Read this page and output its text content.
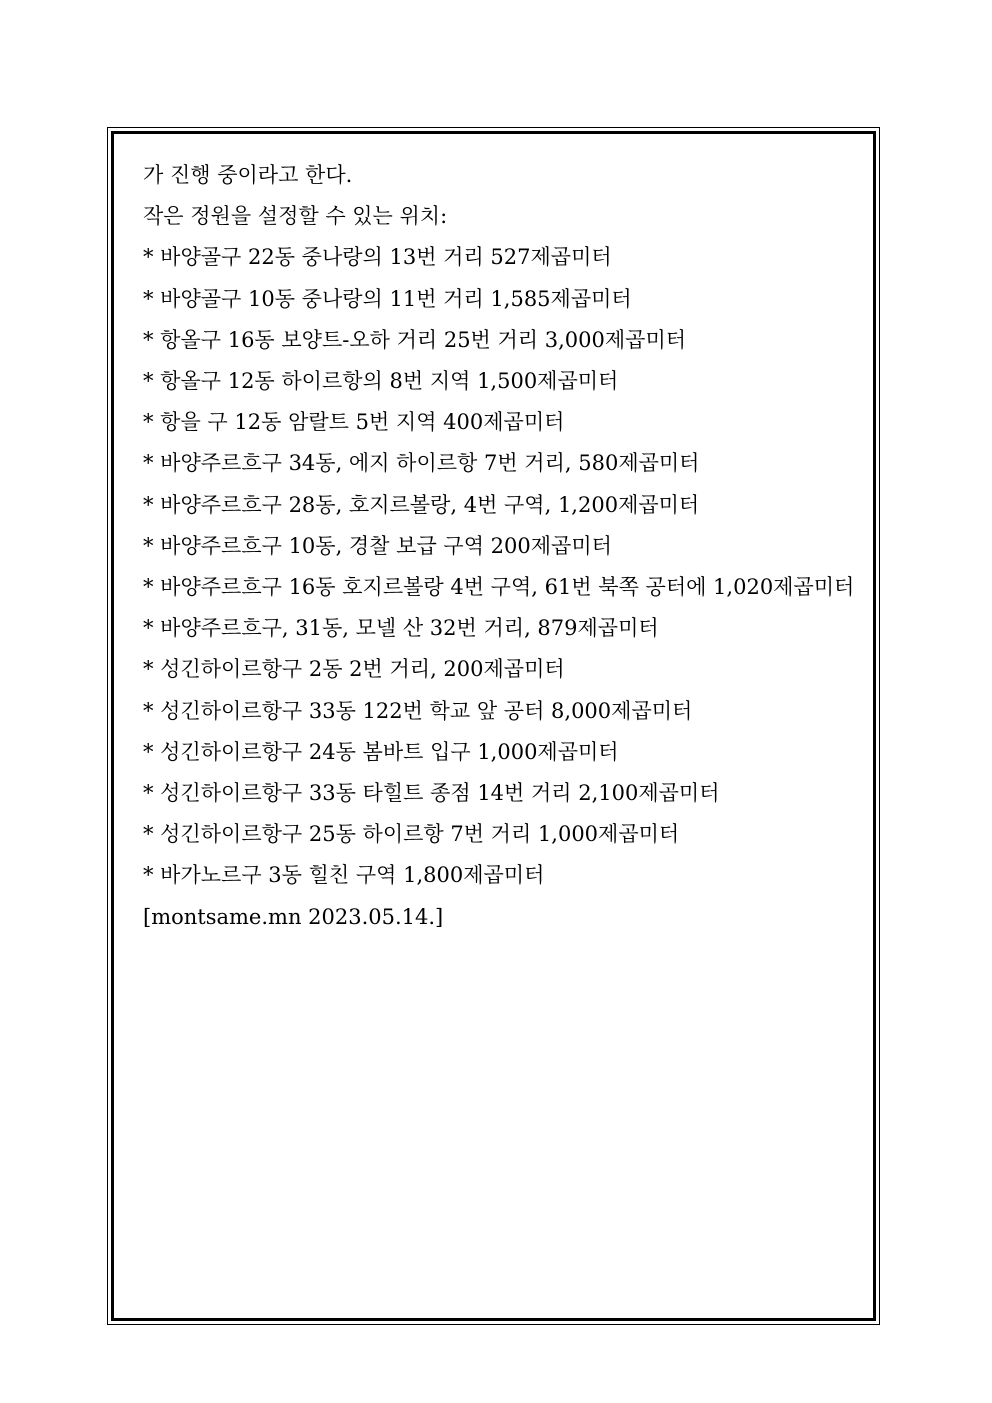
가 진행 중이라고 한다.

작은 정원을 설정할 수 있는 위치:

* 바양골구 22동 중나랑의 13번 거리 527제곱미터
* 바양골구 10동 중나랑의 11번 거리 1,585제곱미터
* 항올구 16동 보양트-오하 거리 25번 거리 3,000제곱미터
* 항올구 12동 하이르항의 8번 지역 1,500제곱미터
* 항을 구 12동 암랄트 5번 지역 400제곱미터
* 바양주르흐구 34동, 에지 하이르항 7번 거리, 580제곱미터
* 바양주르흐구 28동, 호지르볼랑, 4번 구역, 1,200제곱미터
* 바양주르흐구 10동, 경찰 보급 구역 200제곱미터
* 바양주르흐구 16동 호지르볼랑 4번 구역, 61번 북쪽 공터에 1,020제곱미터
* 바양주르흐구, 31동, 모넬 산 32번 거리, 879제곱미터
* 성긴하이르항구 2동 2번 거리, 200제곱미터
* 성긴하이르항구 33동 122번 학교 앞 공터 8,000제곱미터
* 성긴하이르항구 24동 봄바트 입구 1,000제곱미터
* 성긴하이르항구 33동 타힐트 종점 14번 거리 2,100제곱미터
* 성긴하이르항구 25동 하이르항 7번 거리 1,000제곱미터
* 바가노르구 3동 힐친 구역 1,800제곱미터

[montsame.mn 2023.05.14.]
